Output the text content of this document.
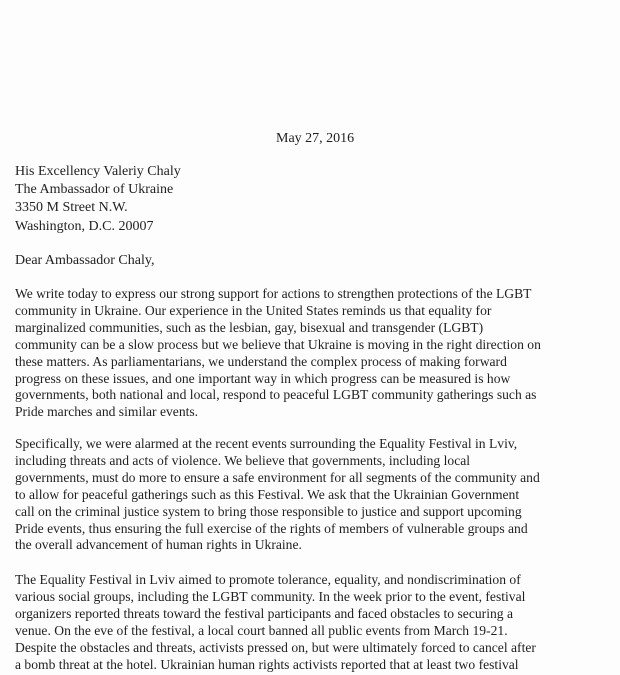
May 27, 2016
His Excellency Valeriy Chaly
The Ambassador of Ukraine
3350 M Street N.W.
Washington, D.C. 20007
Dear Ambassador Chaly,
We write today to express our strong support for actions to strengthen protections of the LGBT
community in Ukraine. Our experience in the United States reminds us that equality for
marginalized communities, such as the lesbian, gay, bisexual and transgender (LGBT)
community can be a slow process but we believe that Ukraine is moving in the right direction on
these matters. As parliamentarians, we understand the complex process of making forward
progress on these issues, and one important way in which progress can be measured is how
governments, both national and local, respond to peaceful LGBT community gatherings such as
Pride marches and similar events.
Specifically, we were alarmed at the recent events surrounding the Equality Festival in Lviv,
including threats and acts of violence. We believe that governments, including local
governments, must do more to ensure a safe environment for all segments of the community and
to allow for peaceful gatherings such as this Festival. We ask that the Ukrainian Government
call on the criminal justice system to bring those responsible to justice and support upcoming
Pride events, thus ensuring the full exercise of the rights of members of vulnerable groups and
the overall advancement of human rights in Ukraine.
The Equality Festival in Lviv aimed to promote tolerance, equality, and nondiscrimination of
various social groups, including the LGBT community. In the week prior to the event, festival
organizers reported threats toward the festival participants and faced obstacles to securing a
venue. On the eve of the festival, a local court banned all public events from March 19-21.
Despite the obstacles and threats, activists pressed on, but were ultimately forced to cancel after
a bomb threat at the hotel. Ukrainian human rights activists reported that at least two festival
